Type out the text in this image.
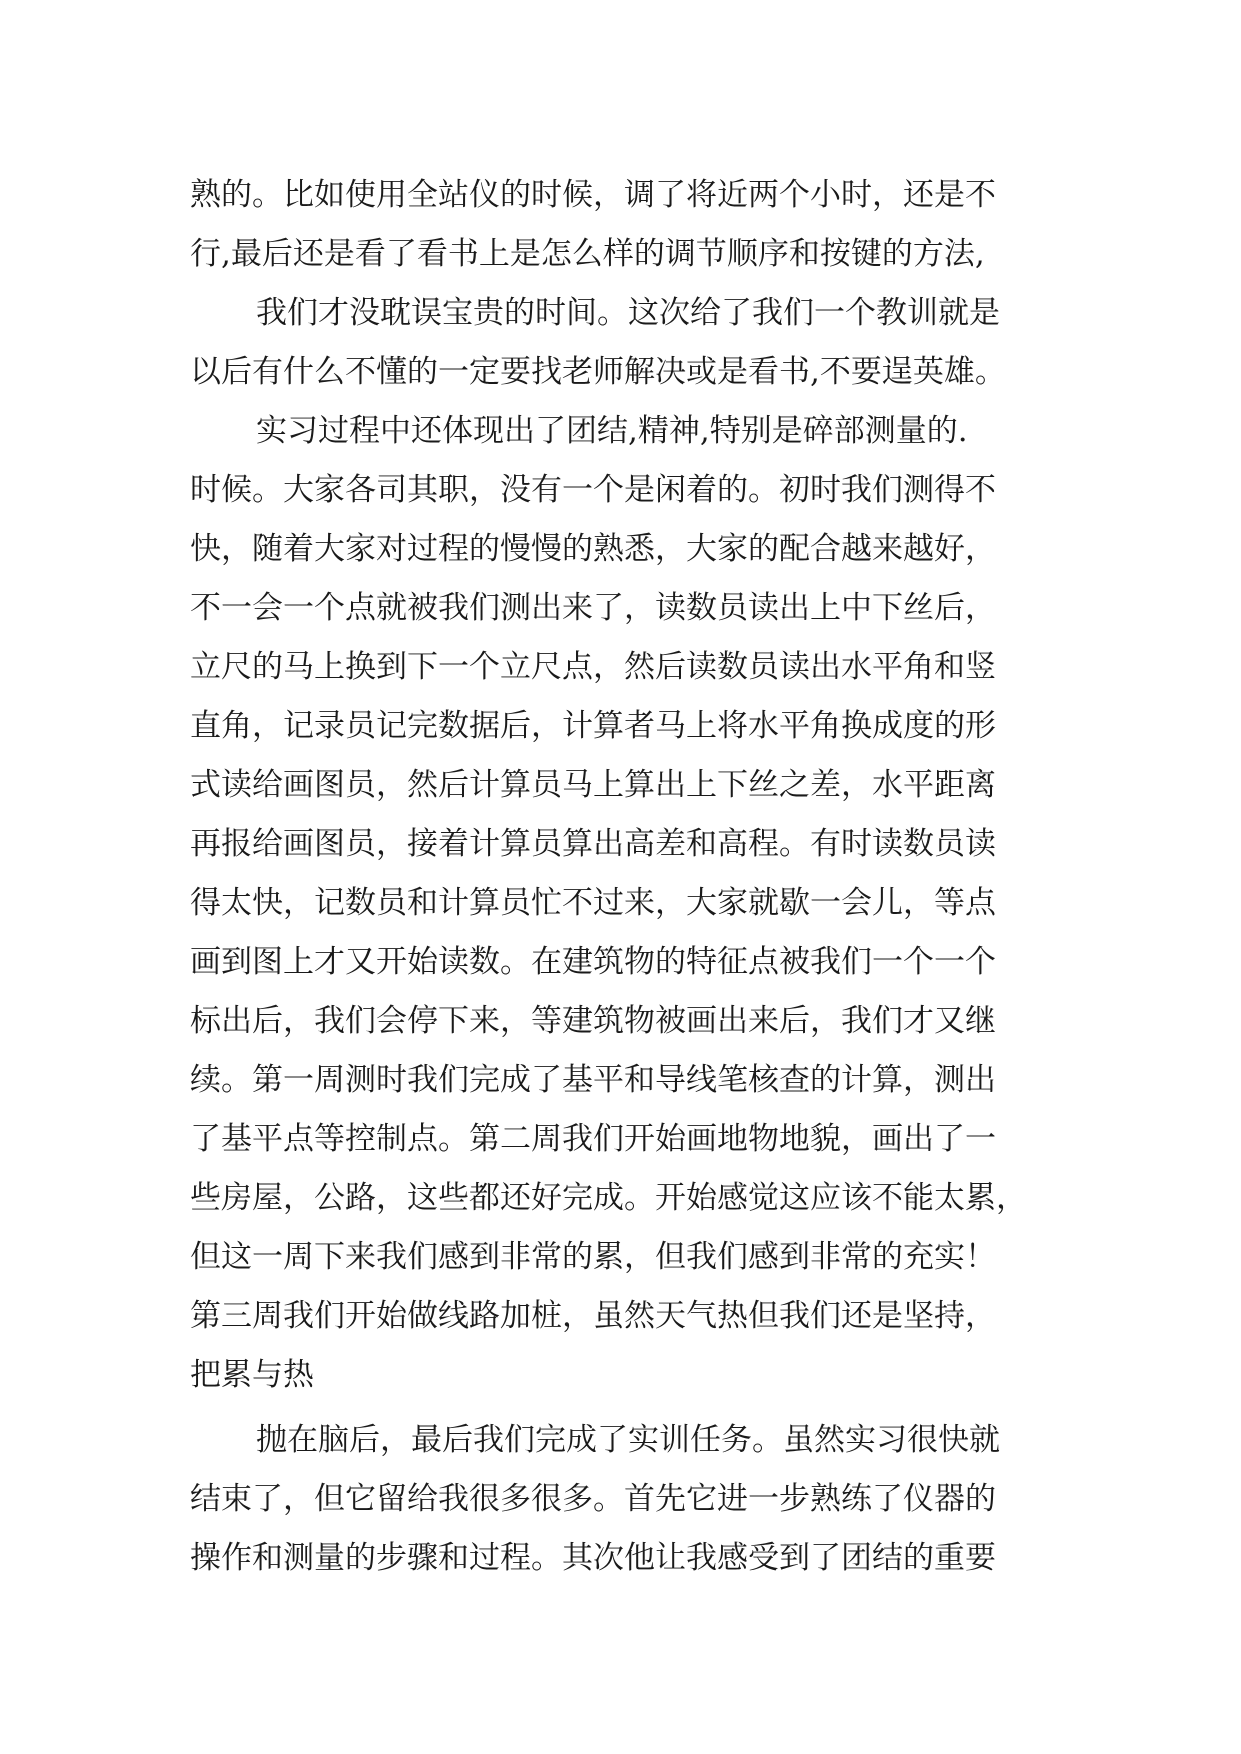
熟的。比如使用全站仪的时候，调了将近两个小时，还是不
行,最后还是看了看书上是怎么样的调节顺序和按键的方法,
我们才没耽误宝贵的时间。这次给了我们一个教训就是
以后有什么不懂的一定要找老师解决或是看书,不要逞英雄。
实习过程中还体现出了团结,精神,特别是碎部测量的.
时候。大家各司其职，没有一个是闲着的。初时我们测得不
快，随着大家对过程的慢慢的熟悉，大家的配合越来越好，
不一会一个点就被我们测出来了，读数员读出上中下丝后，
立尺的马上换到下一个立尺点，然后读数员读出水平角和竖
直角，记录员记完数据后，计算者马上将水平角换成度的形
式读给画图员，然后计算员马上算出上下丝之差，水平距离
再报给画图员，接着计算员算出高差和高程。有时读数员读
得太快，记数员和计算员忙不过来，大家就歇一会儿，等点
画到图上才又开始读数。在建筑物的特征点被我们一个一个
标出后，我们会停下来，等建筑物被画出来后，我们才又继
续。第一周测时我们完成了基平和导线笔核查的计算，测出
了基平点等控制点。第二周我们开始画地物地貌，画出了一
些房屋，公路，这些都还好完成。开始感觉这应该不能太累，
但这一周下来我们感到非常的累，但我们感到非常的充实！
第三周我们开始做线路加桩，虽然天气热但我们还是坚持，
把累与热
抛在脑后，最后我们完成了实训任务。虽然实习很快就
结束了，但它留给我很多很多。首先它进一步熟练了仪器的
操作和测量的步骤和过程。其次他让我感受到了团结的重要
